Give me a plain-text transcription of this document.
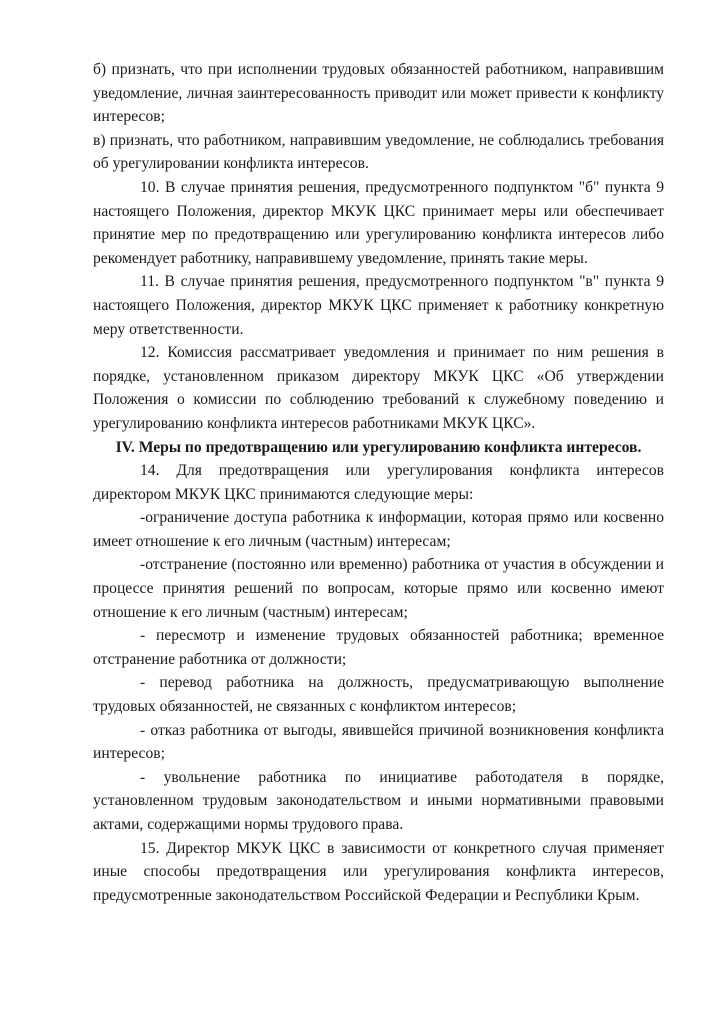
б) признать, что при исполнении трудовых обязанностей работником, направившим уведомление, личная заинтересованность приводит или может привести к конфликту интересов;

в) признать, что работником, направившим уведомление, не соблюдались требования об урегулировании конфликта интересов.

10. В случае принятия решения, предусмотренного подпунктом "б" пункта 9 настоящего Положения, директор МКУК ЦКС принимает меры или обеспечивает принятие мер по предотвращению или урегулированию конфликта интересов либо рекомендует работнику, направившему уведомление, принять такие меры.

11. В случае принятия решения, предусмотренного подпунктом "в" пункта 9 настоящего Положения, директор МКУК ЦКС применяет к работнику конкретную меру ответственности.

12. Комиссия рассматривает уведомления и принимает по ним решения в порядке, установленном приказом директору МКУК ЦКС «Об утверждении Положения о комиссии по соблюдению требований к служебному поведению и урегулированию конфликта интересов работниками МКУК ЦКС».

IV. Меры по предотвращению или урегулированию конфликта интересов.

14. Для предотвращения или урегулирования конфликта интересов директором МКУК ЦКС принимаются следующие меры:

-ограничение доступа работника к информации, которая прямо или косвенно имеет отношение к его личным (частным) интересам;

-отстранение (постоянно или временно) работника от участия в обсуждении и процессе принятия решений по вопросам, которые прямо или косвенно имеют отношение к его личным (частным) интересам;

- пересмотр и изменение трудовых обязанностей работника; временное отстранение работника от должности;

- перевод работника на должность, предусматривающую выполнение трудовых обязанностей, не связанных с конфликтом интересов;

- отказ работника от выгоды, явившейся причиной возникновения конфликта интересов;

- увольнение работника по инициативе работодателя в порядке, установленном трудовым законодательством и иными нормативными правовыми актами, содержащими нормы трудового права.

15. Директор МКУК ЦКС в зависимости от конкретного случая применяет иные способы предотвращения или урегулирования конфликта интересов, предусмотренные законодательством Российской Федерации и Республики Крым.
